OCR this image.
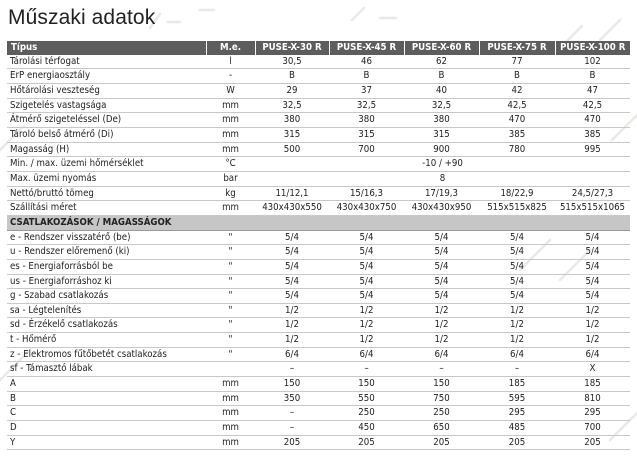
Műszaki adatok
Típus	M.e.	PUSE-X-30 R	PUSE-X-45 R	PUSE-X-60 R	PUSE-X-75 R	PUSE-X-100 R
Tárolási térfogat	l	30,5	46	62	77	102
ErP energiaosztály	-	B	B	B	B	B
Hőtárolási veszteség	W	29	37	40	42	47
Szigetelés vastagsága	mm	32,5	32,5	32,5	42,5	42,5
Átmérő szigeteléssel (De)	mm	380	380	380	470	470
Tároló belső átmérő (Di)	mm	315	315	315	385	385
Magasság (H)	mm	500	700	900	780	995
Min. / max. üzemi hőmérséklet	°C	-10 / +90				
Max. üzemi nyomás	bar	8				
Nettó/bruttó tömeg	kg	11/12,1	15/16,3	17/19,3	18/22,9	24,5/27,3
Szállítási méret	mm	430x430x550	430x430x750	430x430x950	515x515x825	515x515x1065
CSATLAKOZÁSOK / MAGASSÁGOK						
e - Rendszer visszatérő (be)	"	5/4	5/4	5/4	5/4	5/4
u - Rendszer előremenő (ki)	"	5/4	5/4	5/4	5/4	5/4
es - Energiaforrásból be	"	5/4	5/4	5/4	5/4	5/4
us - Energiaforráshoz ki	"	5/4	5/4	5/4	5/4	5/4
g - Szabad csatlakozás	"	5/4	5/4	5/4	5/4	5/4
sa - Légtelenítés	"	1/2	1/2	1/2	1/2	1/2
sd - Érzékelő csatlakozás	"	1/2	1/2	1/2	1/2	1/2
t - Hőmérő	"	1/2	1/2	1/2	1/2	1/2
z - Elektromos fűtőbetét csatlakozás	"	6/4	6/4	6/4	6/4	6/4
sf - Támasztó lábak		–	–	–	–	X
A	mm	150	150	150	185	185
B	mm	350	550	750	595	810
C	mm	–	250	250	295	295
D	mm	–	450	650	485	700
Y	mm	205	205	205	205	205
